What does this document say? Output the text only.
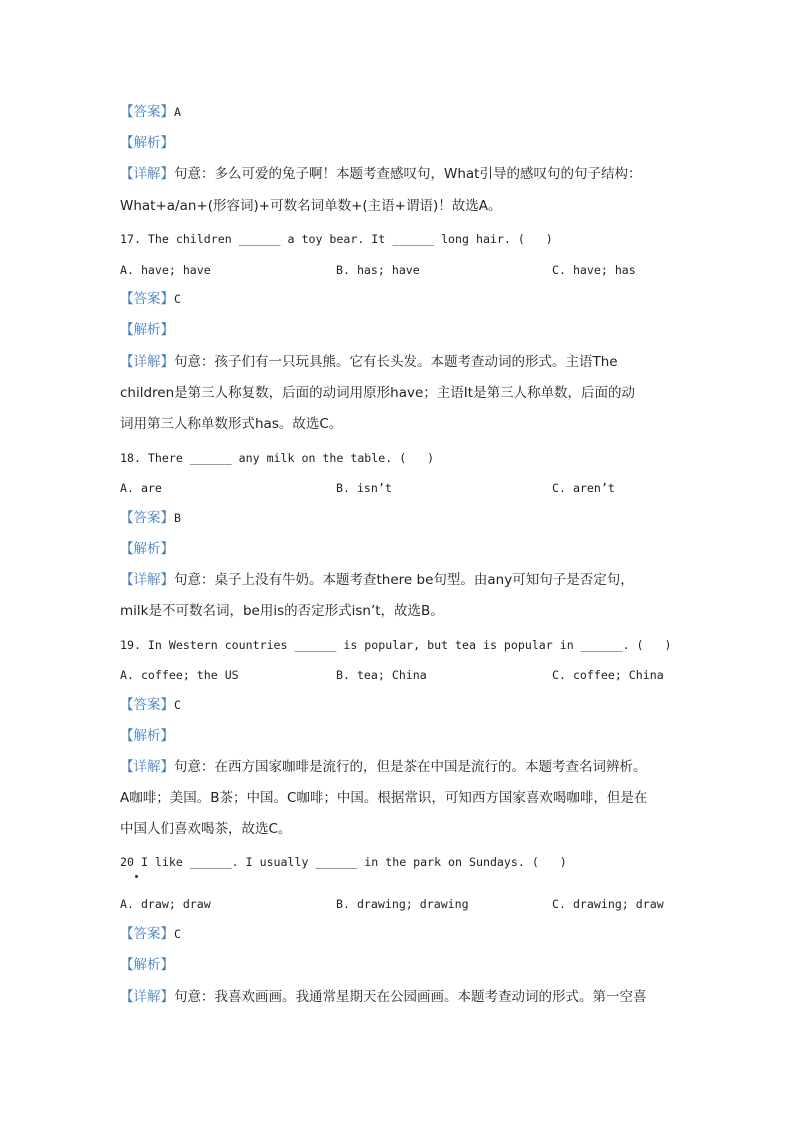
【答案】A
【解析】
【详解】句意：多么可爱的兔子啊！本题考查感叹句，What引导的感叹句的句子结构：
What+a/an+(形容词)+可数名词单数+(主语+谓语)！故选A。
17. The children ______ a toy bear. It ______ long hair. (   )
A. have; have	B. has; have	C. have; has
【答案】C
【解析】
【详解】句意：孩子们有一只玩具熊。它有长头发。本题考查动词的形式。主语The
children是第三人称复数，后面的动词用原形have；主语It是第三人称单数，后面的动
词用第三人称单数形式has。故选C。
18. There ______ any milk on the table. (   )
A. are	B. isn’t	C. aren’t
【答案】B
【解析】
【详解】句意：桌子上没有牛奶。本题考查there be句型。由any可知句子是否定句，
milk是不可数名词，be用is的否定形式isn’t，故选B。
19. In Western countries ______ is popular, but tea is popular in ______. (   )
A. coffee; the US	B. tea; China	C. coffee; China
【答案】C
【解析】
【详解】句意：在西方国家咖啡是流行的，但是茶在中国是流行的。本题考查名词辨析。
A咖啡；美国。B茶；中国。C咖啡；中国。根据常识，可知西方国家喜欢喝咖啡，但是在
中国人们喜欢喝茶，故选C。
20 I like ______. I usually ______ in the park on Sundays. (   )
A. draw; draw	B. drawing; drawing	C. drawing; draw
【答案】C
【解析】
【详解】句意：我喜欢画画。我通常星期天在公园画画。本题考查动词的形式。第一空喜
